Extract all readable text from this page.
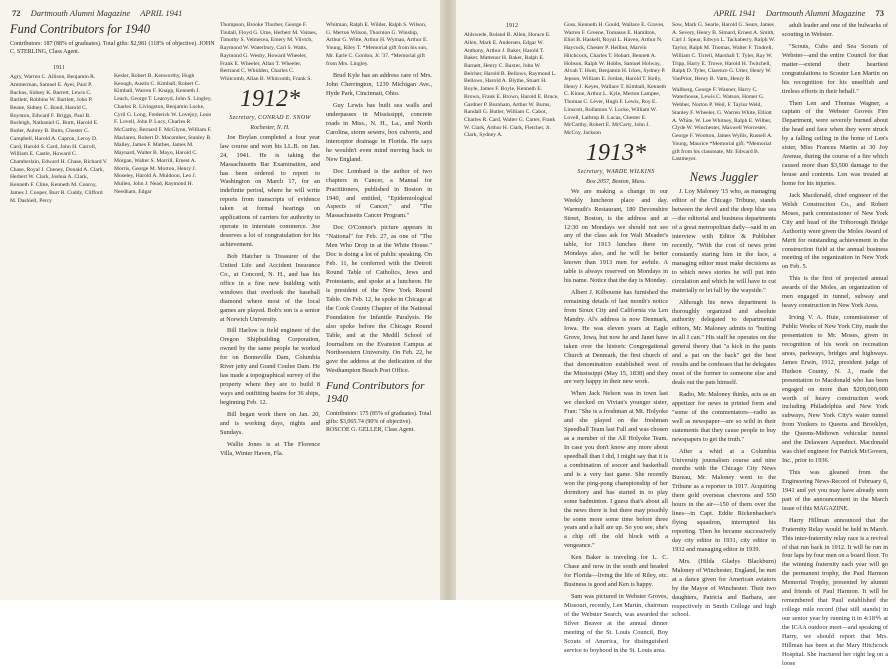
72 Dartmouth Alumni Magazine APRIL 1941
Fund Contributors for 1940

Contributors: 187 (88% of graduates). Total gifts: $2,981 (118% of objective). JOHN C. STERLING, Class Agent.

1911

Agry, Warren C. Allison, Benjamin R. Ammerman, Samuel E. Ayer, Paul P. Backus, Sidney K. Barrett, Lewis C. Bartlett, Robbins W. Bartlett, John P. Beane, Sidney C. Bond, Harold C. Boynton, Edward F. Briggs, Paul B. Burleigh, Nathaniel G. Burtt, Harold E. Butler, Aubrey B. Butts, Chester C. Campbell, Harold A. Capron, Leroy D. Card, Harold S. Card, John H. Carroll, William E. Castle, Howard C. Chamberlain, Edward H. Chase, Richard V. Chase, Royal J. Cheney, Donald A. Clark, Herbert W. Clark, Joshua A. Clark, Kenneth F. Cline, Kenneth M. Conroy, James J. Cooper, Burr R. Cuddy, Clifford M. Dashiell, Percy

Kesler, Robert B. Kenworthy, Hugh Keough, Austin C. Kimball, Robert C. Kimball, Warren F. Knapp, Kenneth J. Leach, George T. Learoyd, John S. Lingley, Charles R. Livingston, Benjamin Locke, Cyril G. Long, Frederick W. Lovejoy, Leon F. Lovell, John P. Lucy, Charles R. McCarthy, Bernard F. McGlynn, William F. Maclaren, Robert D. Macomber, Stanley B. Malley, James F. Mathes, James M. Maynard, Walter B. Mayo, Harold C. Morgan, Walter S. Morrill, Ernest A. Morris, George M. Morton, Henry J. Moseley, Harold A. Muldoon, Leo J. Mullen, John J. Nead, Raymond H. Needham, Edgar

Thompson, Brooke Thurber, George F. Tindall, Floyd G. Utne, Herbert M. Vaitses, Timothy S. Velmecea, Emery M. Vilvtch, Raymond W. Waterbury, Carl S. Watts, Raymond G. Wesby, Howard Wheeler, Frank E. Wheeler, Allan T. Wheeler, Bertrand C. Whidden, Charles C. Whitcomb, Allan B. Whitcomb, Frank S.

1912*
Secretary, CONRAD E. SNOW
Rochester, N. H.

Joe Boylan completed a four year law course and won his LL.B. on Jan. 24, 1941. He is taking the Massachusetts Bar Examination, and has been ordered to report to Washington on March 17, for an indefinite period, where he will write reports from transcripts of evidence taken at formal hearings on applications of carriers for authority to operate in interstate commerce. Joe deserves a lot of congratulation for his achievement.

Bob Hatcher is Treasurer of the United Life and Accident Insurance Co., at Concord, N. H., and has his office in a fine new building with windows that overlook the baseball diamond where most of the local games are played. Bob's son is a senior at Norwich University.

Bill Harlow is field engineer of the Oregon Shipbuilding Corporation, owned by the same people he worked for on Bonneville Dam, Columbia River jetty and Grand Coulee Dam. He has made a topographical survey of the property where they are to build 8 ways and outfitting basins for 36 ships, beginning Feb. 12.

Bill began work there on Jan. 20, and is working days, nights and Sundays.

Wallie Jones is at The Florence Villa, Winter Haven, Fla.

Whitman, Ralph E. Wilder, Ralph S. Wilson, G. Merton Wilson, Thornton G. Winship, Arthur G. Witte, Arthur H. Wyman, Arthur E. Young, Riley T. *Memorial gift from his son, Mr. Earle C. Gordon, Jr. '37. *Memorial gift from Mrs. Lingley.

Brud Kyle has an address care of Mrs. John Cherrington, 1239 Michigan Ave., Hyde Park, Cincinnati, Ohio.

Guy Lewis has built sea walls and underpasses in Mississippi, concrete roads in Miss., N. H., La., and North Carolina, storm sewers, box culverts, and interceptor drainage in Florida. He says he wouldn't even mind moving back to New England.

Doc Lombard is the author of two chapters in Cancer, a Manual for Practitioners, published in Boston in 1940, and entitled, "Epidemiological Aspects of Cancer," and "The Massachusetts Cancer Program."

Doc O'Connor's picture appears in "National" for Feb. 27, as one of "The Men Who Drop in at the White House." Doc is doing a lot of public speaking. On Feb. 11, he conferred with the Detroit Round Table of Catholics, Jews and Protestants, and spoke at a luncheon. He is president of the New York Round Table. On Feb. 12, he spoke in Chicago at the Cook County Chapter of the National Foundation for Infantile Paralysis. He also spoke before the Chicago Round Table, and at the Medill School of Journalism on the Evanston Campus at Northwestern University. On Feb. 22, he gave the address at the dedication of the Westhampton Beach Post Office.

Fund Contributors for 1940

Contributors: 175 (85% of graduates). Total gifts: $3,065.74 (90% of objective). ROSCOE G. GELLER, Class Agent.

APRIL 1941 Dartmouth Alumni Magazine 73
1912

Ahlswede, Roland B. Allen, Horace E. Allen, Mark E. Andersen, Edgar W. Anthony, Arthur J. Baker, Harold T. Baker, Mattenor H. Baker, Ralph E. Barnett, Henry C. Baxter, John W. Belcher, Harold B. Bellows, Raymond L. Bellows, Harold A. Blythe, Stuart H. Boyle, James F. Boyle, Kenneth E. Brown, Frank E. Brown, Harold E. Bruce, Gardner P. Burnham, Arthur W. Burns, Randall G. Butler, William C. Cabot, Charles R. Card, Walter G. Carter, Frank W. Clark, Arthur H. Clark, Fletcher, Jr. Clark, Sydney A.

Goss, Kenneth H. Gould, Wallace E. Graves, Warren F. Greene, Tomasus E. Hamilton, Eliot B. Haskell, Royal L. Haven, Arthur N. Haycock, Chester P. Heilbut, Marvin Hitchcock, Charles T. Hobart, Bennett A. Hobson, Ralph W. Hobbs, Samuel Holway, Alvah T. Hunt, Benjamin H. Ickes, Sydney P. Jepson, William E. Jordan, Harold T. Kelly, Henry J. Keyes, Wallace T. Kimball, Kenneth C. Kinne, Arthur L. Kyle, Merton Lampee, Thomas C. Lever, Hugh F. Lewis, Roy E. Linscott, Rollamon V. Locke, William W. Lovell, Lathrop B. Lucas, Chester E. McCarthy, Robert E. McCarty, John J. McCoy, Jackson

1913*
Secretary, WARDE WILKINS
Box 2057, Boston, Mass.

We are making a change in our Weekly luncheon place and day. Warmuth's Restaurant, 180 Devonshire Street, Boston, is the address and at 12:30 on Mondays we should not see any of the class ask for Walt Meader's table, for 1913 lunches there on Mondays also, and he will be better known than 1913 men for awhile. A table is always reserved on Mondays in his name. Notice that the day is Monday.

Albert J. Kilbourne has furnished the remaining details of last month's notice from Sioux City and California via Len Mandry. Al's address is now Denmark, Iowa. He was eleven years at Eagle Grove, Iowa, but now he and Janet have taken over the historic Congregational Church at Denmark, the first church of that denomination established west of the Mississippi (May 15, 1838) and they are very happy in their new work.

When Jack Nelson was in town last we checked on Vivian's younger sister, Fran: "She is a freshman at Mt. Holyoke and she played on the freshman Speedball Team last Fall and was chosen as a member of the All Holyoke Team. In case you don't know any more about speedball than I did, I might say that it is a combination of soccer and basketball and is a very fast game. She recently won the ping-pong championship of her dormitory and has started in to play some badminton. I guess that's about all the news there is but there may possibly be some more some time before three years and a half are up. So you see, she's a chip off the old block with a vengeance."

Ken Baker is traveling for L. C. Chase and now in the south and headed for Florida—living the life of Riley, etc. Business is good and Ken is happy.

Sam was pictured in Webster Groves, Missouri, recently, Len Martin, chairman of the Webster Search, was awarded the Silver Beaver at the annual dinner meeting of the St. Louis Council, Boy Scouts of America, for distinguished service to boyhood in the St. Louis area.

Sow, Mark G. Searle, Harold G. Sears, James A. Severy, Henry B. Simard, Ernest A. Smith, Carl J. Spear, Edwyn L. Tackaberry, Ralph W. Taylor, Ralph M. Thomas, Walter F. Tindrell, William C. Tirrell, Marshall T. Tyler, Ray W. Tripp, Harry E. Trowe, Harold H. Twitchell, Ralph D. Tyler, Clarence G. Utter, Henry W. VanPrior, Henry B. Vatts, Henry R.

Wallberg, George F. Wanner, Harry C. Waterhouse, Lewis C. Watson, Homer G. Webber, Norton P. Weil, F. Taylor Weld, Stanley F. Wheeler, G. Warren White, Elliott A. White, W. Lee Whitney, Ralph E. Wilber, Clyde W. Winchester, Maxwell Worcester, George F. Wootton, James Wyllis, Russell A. Young, Maurice *Memorial gift. *Memorial gift from his classmate, Mr. Edward B. Lastmeyer.

News Juggler

J. Loy Maloney '15 who, as managing editor of the Chicago Tribune, stands between the devil and the deep blue sea—the editorial and business departments of a great metropolitan daily—said in an interview with Editor & Publisher recently, "With the cost of news print constantly staring him in the face, a managing editor must make decisions as to which news stories he will put into circulation and which he will have to cut materially or let fall by the wayside."

Although his news department is thoroughly organized and absolute authority delegated to departmental editors, Mr. Maloney admits to "butting in all I can." His staff he operates on the general theory that "a kick in the pants and a pat on the back" get the best results and he confesses that he delegates most of the former to someone else and deals out the pats himself.

Radio, Mr. Maloney thinks, acts as an appetizer for news in printed form and "some of the commentators—radio as well as newspaper—are so wild in their statements that they cause people to buy newspapers to get the truth."

After a whirl at a Columbia University journalism course and nine months with the Chicago City News Bureau, Mr. Maloney went to the Tribune as a reporter in 1917. Acquiring there gold overseas chevrons and 550 hours in the air—150 of them over the lines—in Capt. Eddie Rickenbacker's flying squadron, interrupted his reporting. Then he became successively day city editor in 1931, city editor in 1932 and managing editor in 1939.

Mrs. (Hilda Gladys Blackburn) Maloney of Winchester, England, he met at a dance given for American aviators by the Mayor of Winchester. Their two daughters, Patricia and Barbara, are respectively in Smith College and high school.

adult leader and one of the bulwarks of scouting in Webster.

"Scouts, Cubs and Sea Scouts of Webster—and the entire Council for that matter—extend their heartiest congratulations to Scouter Len Martin on his recognition for his unselfish and tireless efforts in their behalf."

Then Len and Thomas Wagner, a captain of the Webster Groves Fire Department, were severely burned about the head and face when they were struck by a falling ceiling in the home of Len's sister, Miss Frances Martin at 30 Joy Avenue, during the course of a fire which caused more than $3,500 damage to the house and contents. Len was treated at home for his injuries.

Jack Macdonald, chief engineer of the Welsh Construction Co., and Robert Moses, park commissioner of New York City and head of the Triborough Bridge Authority were given the Moles Award of Merit for outstanding achievement in the construction field at the annual business meeting of the organization in New York on Feb. 5.

This is the first of projected annual awards of the Moles, an organization of men engaged in tunnel, subway and heavy construction in New York Area.

Irving V. A. Huie, commissioner of Public Works of New York City, made the presentation to Mr. Moses, given in recognition of his work on recreation areas, parkways, bridges and highways. James Erwin, 1912, president judge of Hudson County, N. J., made the presentation to Macdonald who has been engaged on more than $200,000,000 worth of heavy construction work including Philadelphia and New York subways, New York City's water tunnel from Yonkers to Queens and Brooklyn, the Queens-Midtown vehicular tunnel and the Delaware Aqueduct. Macdonald was chief engineer for Patrick McGovern, Inc., prior to 1936.

This was gleaned from the Engineering News-Record of February 6, 1941 and yet you may have already seen part of the announcement in the March issue of this MAGAZINE.

Harry Hillman announced that the Fraternity Relay would be held in March. This inter-fraternity relay race is a revival of that run back in 1912. It will be run in four laps by four men on a board floor. To the winning fraternity each year will go the permanent trophy, the Paul Harmon Memorial Trophy, presented by alumni and friends of Paul Harmon. It will be remembered that Paul established the college mile record (that still stands) in our senior year by running it in 4:18⅘ at the ICAA outdoor meet—and speaking of Harry, we should report that Mrs. Hillman has been at the Mary Hitchcock Hospital. She fractured her right leg on a loose
